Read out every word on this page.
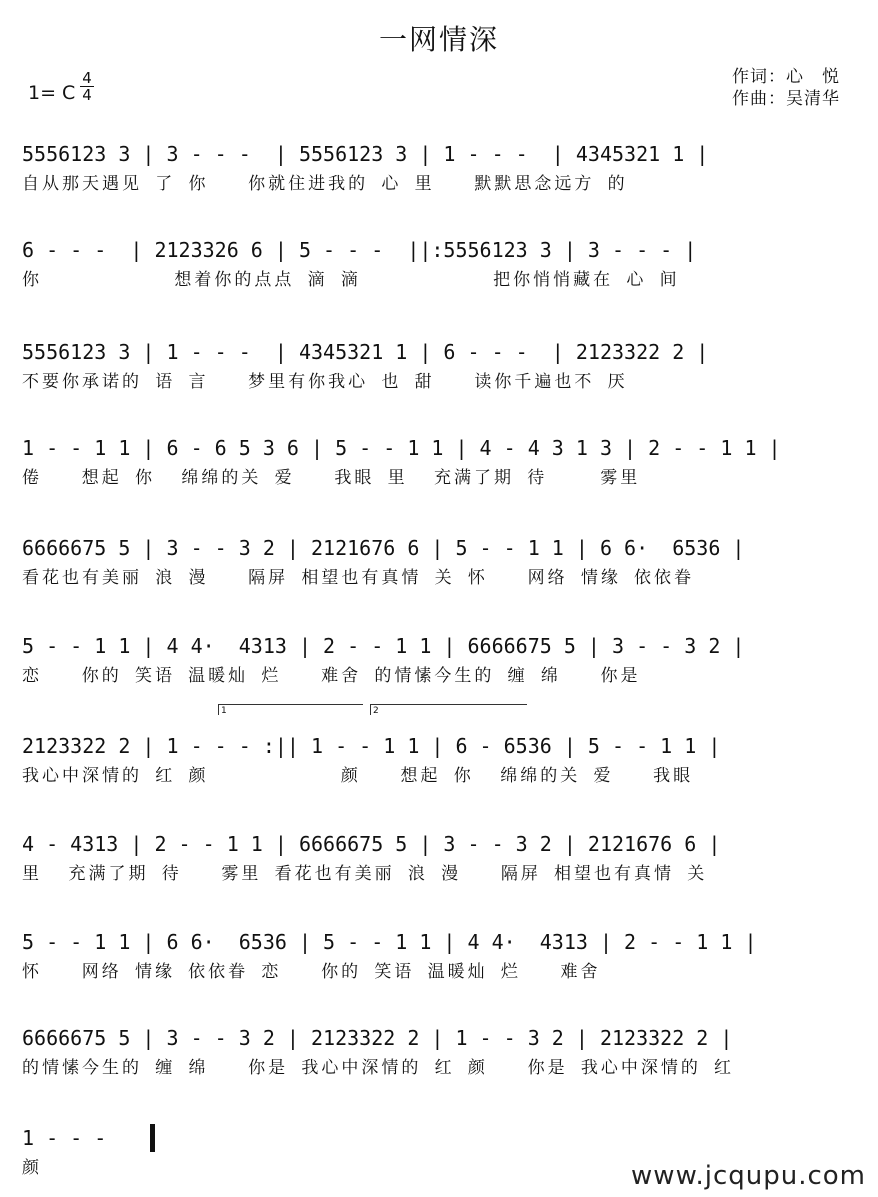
一网情深
1= C $\frac{4}{4}$	作词：心　悦
作曲：吴清华
5556123 3 | 3 - - -  | 5556123 3 | 1 - - -  | 4345321 1 |
自从那天遇见 了 你   你就住进我的 心 里   默默思念远方 的
6 - - -  | 2123326 6 | 5 - - -  ||:5556123 3 | 3 - - - |
你          想着你的点点 滴 滴          把你悄悄藏在 心 间
5556123 3 | 1 - - -  | 4345321 1 | 6 - - -  | 2123322 2 |
不要你承诺的 语 言   梦里有你我心 也 甜   读你千遍也不 厌
1 - - 1 1 | 6 - 6 5 3 6 | 5 - - 1 1 | 4 - 4 3 1 3 | 2 - - 1 1 |
倦   想起 你  绵绵的关 爱   我眼 里  充满了期 待    雾里
6666675 5 | 3 - - 3 2 | 2121676 6 | 5 - - 1 1 | 6 6·  6536 |
看花也有美丽 浪 漫   隔屏 相望也有真情 关 怀   网络 情缘 依依眷
5 - - 1 1 | 4 4·  4313 | 2 - - 1 1 | 6666675 5 | 3 - - 3 2 |
恋   你的 笑语 温暖灿 烂   难舍 的情愫今生的 缠 绵   你是
1	2
2123322 2 | 1 - - - :|| 1 - - 1 1 | 6 - 6536 | 5 - - 1 1 |
我心中深情的 红 颜          颜   想起 你  绵绵的关 爱   我眼
4 - 4313 | 2 - - 1 1 | 6666675 5 | 3 - - 3 2 | 2121676 6 |
里  充满了期 待   雾里 看花也有美丽 浪 漫   隔屏 相望也有真情 关
5 - - 1 1 | 6 6·  6536 | 5 - - 1 1 | 4 4·  4313 | 2 - - 1 1 |
怀   网络 情缘 依依眷 恋   你的 笑语 温暖灿 烂   难舍
6666675 5 | 3 - - 3 2 | 2123322 2 | 1 - - 3 2 | 2123322 2 |
的情愫今生的 缠 绵   你是 我心中深情的 红 颜   你是 我心中深情的 红
1 - - -
颜	www.jcqupu.com
